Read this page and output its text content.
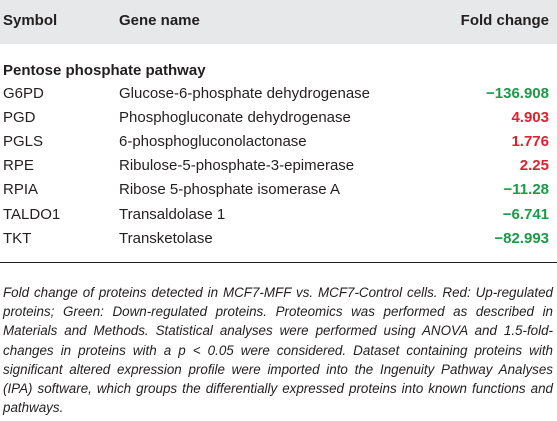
Symbol	Gene name	Fold change
Pentose phosphate pathway
G6PD	Glucose-6-phosphate dehydrogenase	−136.908
PGD	Phosphogluconate dehydrogenase	4.903
PGLS	6-phosphogluconolactonase	1.776
RPE	Ribulose-5-phosphate-3-epimerase	2.25
RPIA	Ribose 5-phosphate isomerase A	−11.28
TALDO1	Transaldolase 1	−6.741
TKT	Transketolase	−82.993
Fold change of proteins detected in MCF7-MFF vs. MCF7-Control cells. Red: Up-regulated proteins; Green: Down-regulated proteins. Proteomics was performed as described in Materials and Methods. Statistical analyses were performed using ANOVA and 1.5-fold-changes in proteins with a p < 0.05 were considered. Dataset containing proteins with significant altered expression profile were imported into the Ingenuity Pathway Analyses (IPA) software, which groups the differentially expressed proteins into known functions and pathways.
